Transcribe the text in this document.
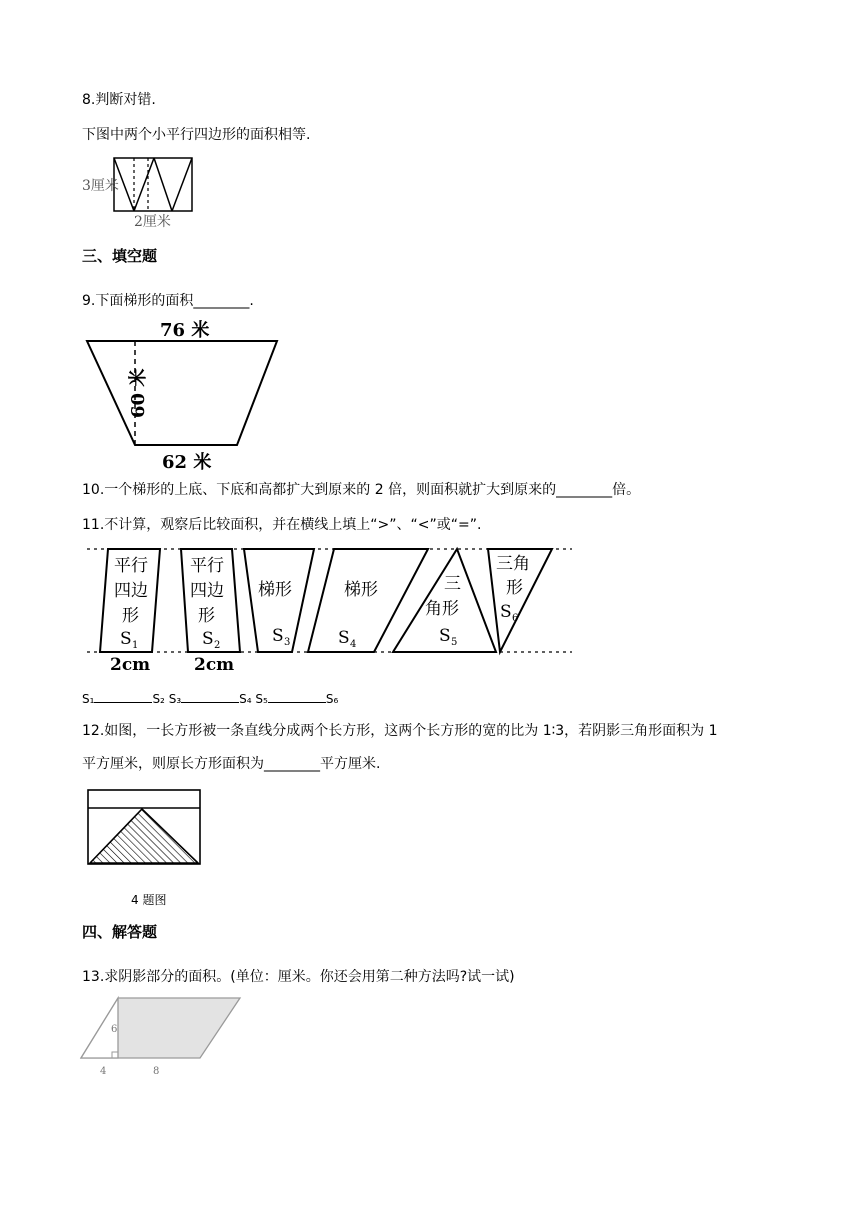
8.判断对错.
下图中两个小平行四边形的面积相等.
3厘米
2厘米
三、填空题
9.下面梯形的面积________.
76 米
60 米
62 米
10.一个梯形的上底、下底和高都扩大到原来的 2 倍，则面积就扩大到原来的________倍。
11.不计算，观察后比较面积，并在横线上填上“>”、“<”或“=”.
平行
四边
形
S 1
2cm
平行
四边
形
S 2
2cm
梯形
S 3
梯形
S 4
三
角形
S 5
三角
形
S 6
S₁	S₂ S₃	S₄ S₅	S₆
12.如图，一长方形被一条直线分成两个长方形，这两个长方形的宽的比为 1∶3，若阴影三角形面积为 1
平方厘米，则原长方形面积为________平方厘米.
4 题图
四、解答题
13.求阴影部分的面积。(单位：厘米。你还会用第二种方法吗?试一试)
6
4	8
